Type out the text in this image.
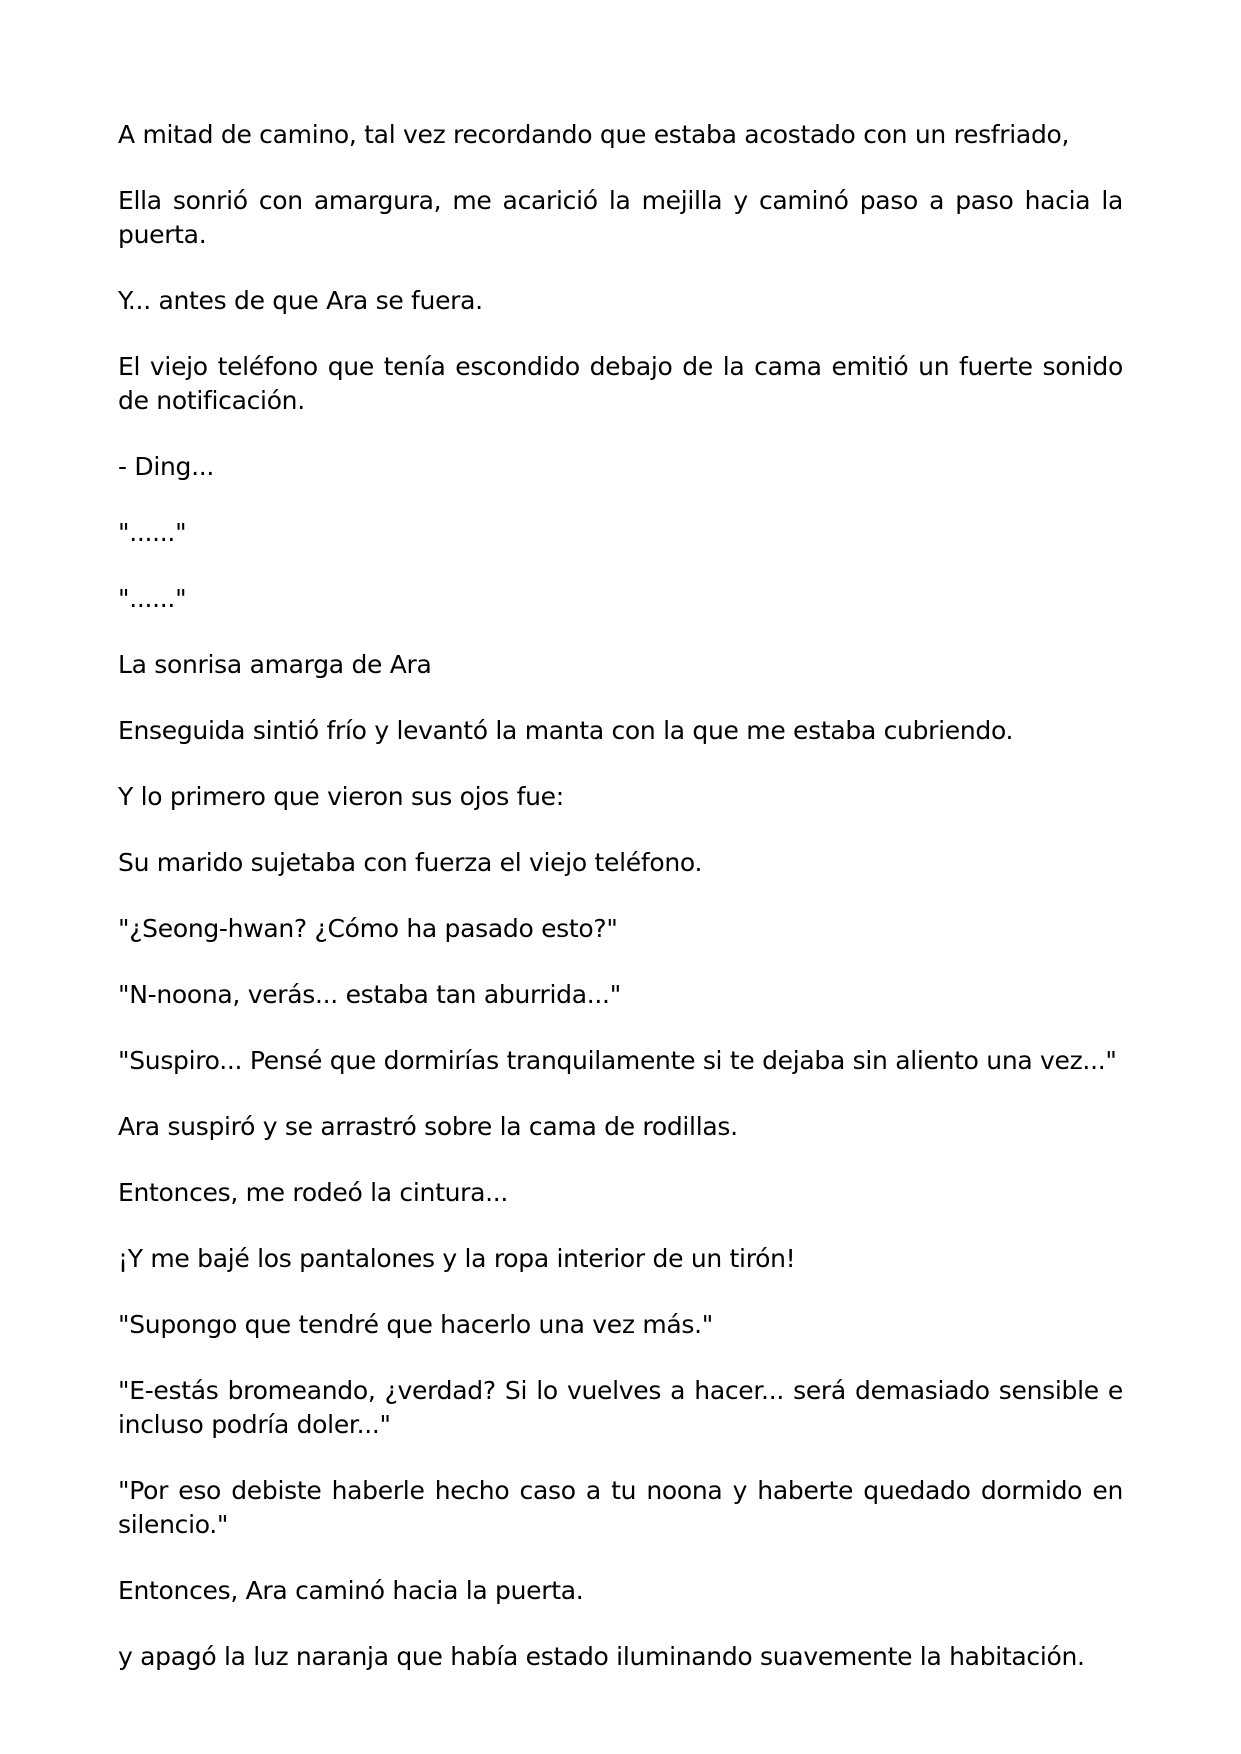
A mitad de camino, tal vez recordando que estaba acostado con un resfriado,

Ella sonrió con amargura, me acarició la mejilla y caminó paso a paso hacia la puerta.

Y... antes de que Ara se fuera.

El viejo teléfono que tenía escondido debajo de la cama emitió un fuerte sonido de notificación.

- Ding...

"......"

"......"

La sonrisa amarga de Ara

Enseguida sintió frío y levantó la manta con la que me estaba cubriendo.

Y lo primero que vieron sus ojos fue:

Su marido sujetaba con fuerza el viejo teléfono.

"¿Seong-hwan? ¿Cómo ha pasado esto?"

"N-noona, verás... estaba tan aburrida..."

"Suspiro... Pensé que dormirías tranquilamente si te dejaba sin aliento una vez..."

Ara suspiró y se arrastró sobre la cama de rodillas.

Entonces, me rodeó la cintura...

¡Y me bajé los pantalones y la ropa interior de un tirón!

"Supongo que tendré que hacerlo una vez más."

"E-estás bromeando, ¿verdad? Si lo vuelves a hacer... será demasiado sensible e incluso podría doler..."

"Por eso debiste haberle hecho caso a tu noona y haberte quedado dormido en silencio."

Entonces, Ara caminó hacia la puerta.

y apagó la luz naranja que había estado iluminando suavemente la habitación.
